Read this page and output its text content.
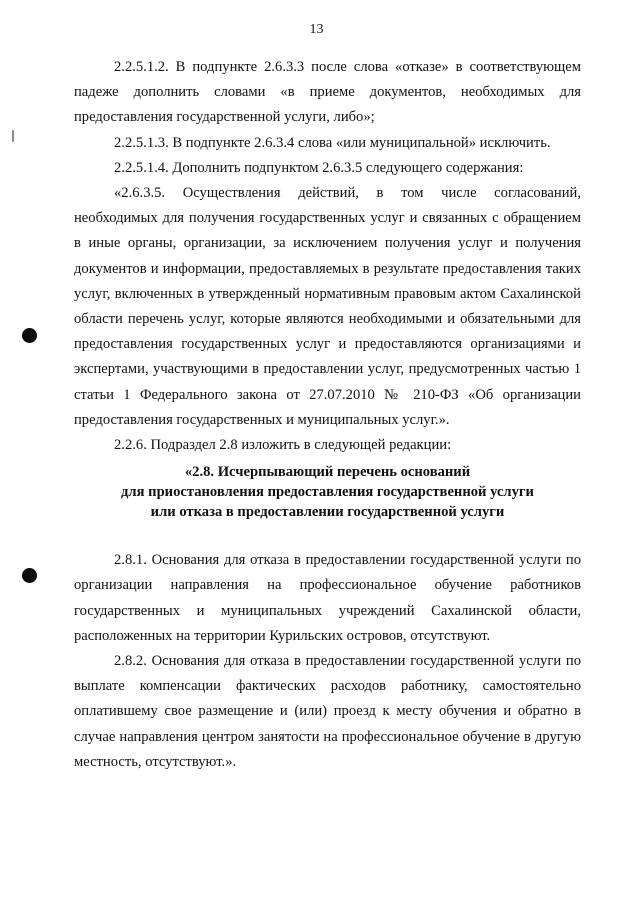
13

2.2.5.1.2. В подпункте 2.6.3.3 после слова «отказе» в соответствующем падеже дополнить словами «в приеме документов, необходимых для предоставления государственной услуги, либо»;

2.2.5.1.3. В подпункте 2.6.3.4 слова «или муниципальной» исключить.

2.2.5.1.4. Дополнить подпунктом 2.6.3.5 следующего содержания:

«2.6.3.5. Осуществления действий, в том числе согласований, необходимых для получения государственных услуг и связанных с обращением в иные органы, организации, за исключением получения услуг и получения документов и информации, предоставляемых в результате предоставления таких услуг, включенных в утвержденный нормативным правовым актом Сахалинской области перечень услуг, которые являются необходимыми и обязательными для предоставления государственных услуг и предоставляются организациями и экспертами, участвующими в предоставлении услуг, предусмотренных частью 1 статьи 1 Федерального закона от 27.07.2010 № 210-ФЗ «Об организации предоставления государственных и муниципальных услуг.».

2.2.6. Подраздел 2.8 изложить в следующей редакции:

«2.8. Исчерпывающий перечень оснований
для приостановления предоставления государственной услуги
или отказа в предоставлении государственной услуги

2.8.1. Основания для отказа в предоставлении государственной услуги по организации направления на профессиональное обучение работников государственных и муниципальных учреждений Сахалинской области, расположенных на территории Курильских островов, отсутствуют.

2.8.2. Основания для отказа в предоставлении государственной услуги по выплате компенсации фактических расходов работнику, самостоятельно оплатившему свое размещение и (или) проезд к месту обучения и обратно в случае направления центром занятости на профессиональное обучение в другую местность, отсутствуют.».
